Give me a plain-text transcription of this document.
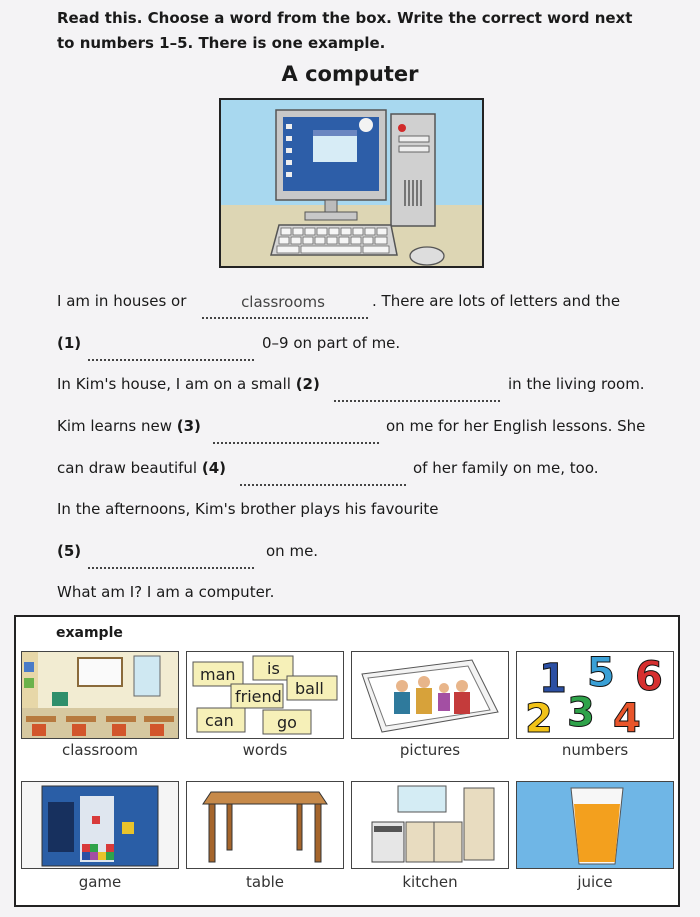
Read this. Choose a word from the box. Write the correct word next
to numbers 1–5. There is one example.
A computer
I am in houses or	classrooms	. There are lots of letters and the
(1)	0–9 on part of me.
In Kim's house, I am on a small (2)	in the living room.
Kim learns new (3)	on me for her English lessons. She
can draw beautiful (4)	of her family on me, too.
In the afternoons, Kim's brother plays his favourite
(5)	on me.
What am I? I am a computer.
example
classroom
man is
friend ball
can	go
words	pictures
1 5 6
2 3 4
numbers
game	table	kitchen	juice
